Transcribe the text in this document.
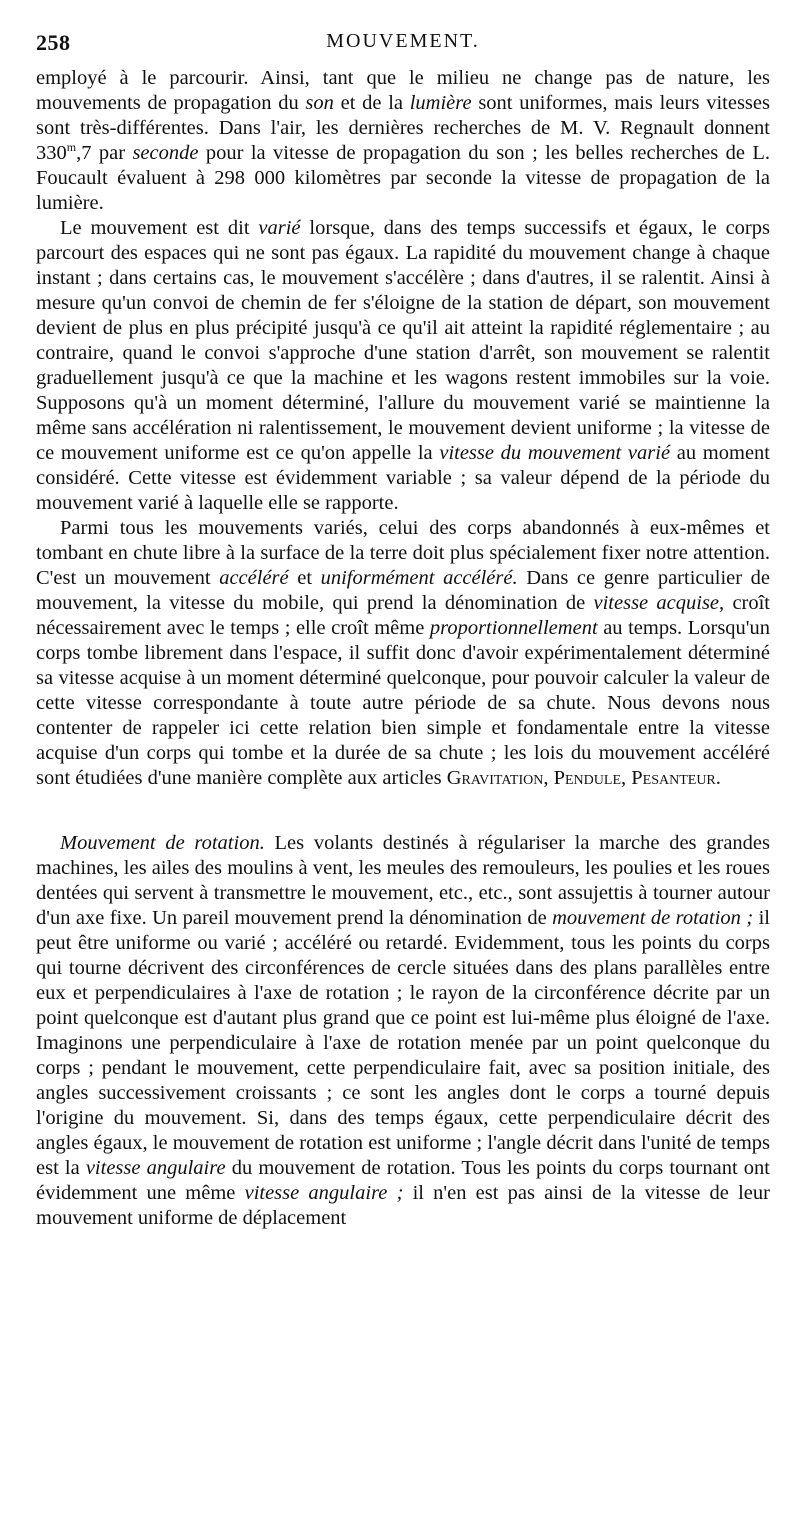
258	MOUVEMENT.

employé à le parcourir. Ainsi, tant que le milieu ne change pas de nature, les mouvements de propagation du son et de la lumière sont uniformes, mais leurs vitesses sont très-différentes. Dans l'air, les dernières recherches de M. V. Regnault donnent 330$^m$,7 par seconde pour la vitesse de propagation du son ; les belles recherches de L. Foucault évaluent à 298 000 kilomètres par seconde la vitesse de propagation de la lumière.

Le mouvement est dit varié lorsque, dans des temps successifs et égaux, le corps parcourt des espaces qui ne sont pas égaux. La rapidité du mouvement change à chaque instant ; dans certains cas, le mouvement s'accélère ; dans d'autres, il se ralentit. Ainsi à mesure qu'un convoi de chemin de fer s'éloigne de la station de départ, son mouvement devient de plus en plus précipité jusqu'à ce qu'il ait atteint la rapidité réglementaire ; au contraire, quand le convoi s'approche d'une station d'arrêt, son mouvement se ralentit graduellement jusqu'à ce que la machine et les wagons restent immobiles sur la voie. Supposons qu'à un moment déterminé, l'allure du mouvement varié se maintienne la même sans accélération ni ralentissement, le mouvement devient uniforme ; la vitesse de ce mouvement uniforme est ce qu'on appelle la vitesse du mouvement varié au moment considéré. Cette vitesse est évidemment variable ; sa valeur dépend de la période du mouvement varié à laquelle elle se rapporte.

Parmi tous les mouvements variés, celui des corps abandonnés à eux-mêmes et tombant en chute libre à la surface de la terre doit plus spécialement fixer notre attention. C'est un mouvement accéléré et uniformément accéléré. Dans ce genre particulier de mouvement, la vitesse du mobile, qui prend la dénomination de vitesse acquise, croît nécessairement avec le temps ; elle croît même proportionnellement au temps. Lorsqu'un corps tombe librement dans l'espace, il suffit donc d'avoir expérimentalement déterminé sa vitesse acquise à un moment déterminé quelconque, pour pouvoir calculer la valeur de cette vitesse correspondante à toute autre période de sa chute. Nous devons nous contenter de rappeler ici cette relation bien simple et fondamentale entre la vitesse acquise d'un corps qui tombe et la durée de sa chute ; les lois du mouvement accéléré sont étudiées d'une manière complète aux articles Gravitation, Pendule, Pesanteur.

Mouvement de rotation. Les volants destinés à régulariser la marche des grandes machines, les ailes des moulins à vent, les meules des remouleurs, les poulies et les roues dentées qui servent à transmettre le mouvement, etc., etc., sont assujettis à tourner autour d'un axe fixe. Un pareil mouvement prend la dénomination de mouvement de rotation ; il peut être uniforme ou varié ; accéléré ou retardé. Evidemment, tous les points du corps qui tourne décrivent des circonférences de cercle situées dans des plans parallèles entre eux et perpendiculaires à l'axe de rotation ; le rayon de la circonférence décrite par un point quelconque est d'autant plus grand que ce point est lui-même plus éloigné de l'axe. Imaginons une perpendiculaire à l'axe de rotation menée par un point quelconque du corps ; pendant le mouvement, cette perpendiculaire fait, avec sa position initiale, des angles successivement croissants ; ce sont les angles dont le corps a tourné depuis l'origine du mouvement. Si, dans des temps égaux, cette perpendiculaire décrit des angles égaux, le mouvement de rotation est uniforme ; l'angle décrit dans l'unité de temps est la vitesse angulaire du mouvement de rotation. Tous les points du corps tournant ont évidemment une même vitesse angulaire ; il n'en est pas ainsi de la vitesse de leur mouvement uniforme de déplacement
